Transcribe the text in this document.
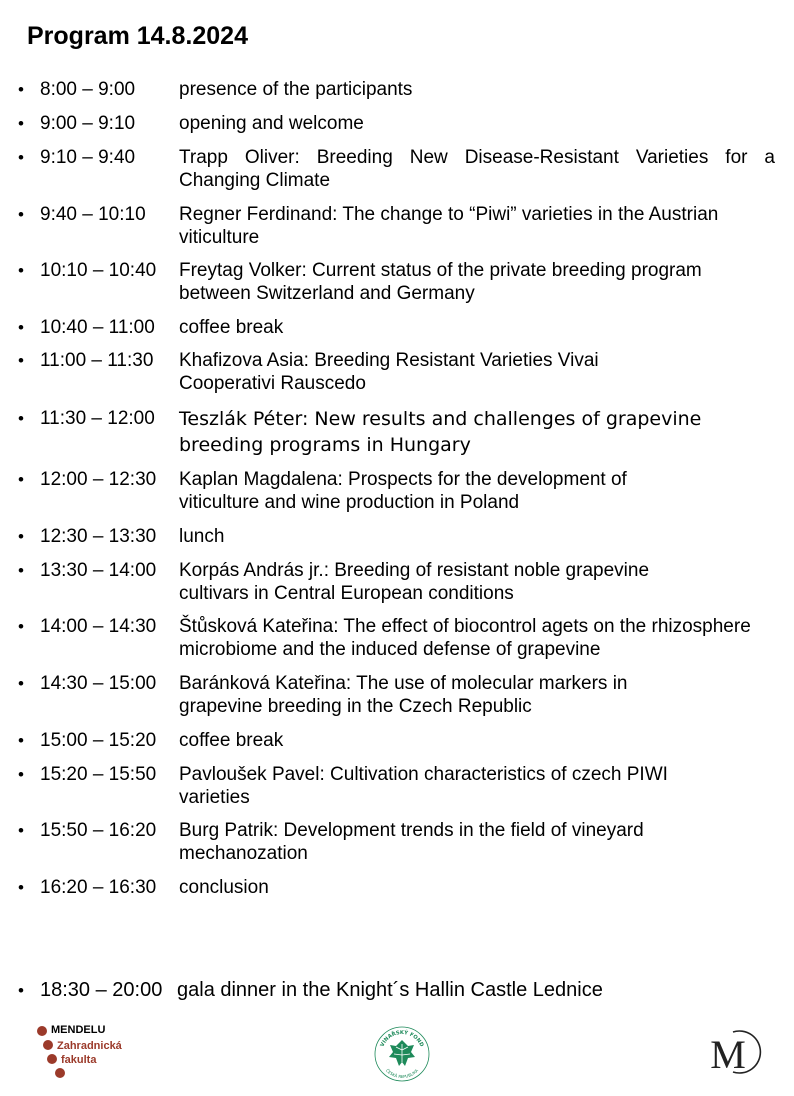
Program 14.8.2024
• 8:00 – 9:00 presence of the participants
• 9:00 – 9:10 opening and welcome
• 9:10 – 9:40 Trapp Oliver: Breeding New Disease-Resistant Varieties for a Changing Climate
• 9:40 – 10:10 Regner Ferdinand: The change to “Piwi” varieties in the Austrian viticulture
• 10:10 – 10:40 Freytag Volker: Current status of the private breeding program between Switzerland and Germany
• 10:40 – 11:00 coffee break
• 11:00 – 11:30 Khafizova Asia: Breeding Resistant Varieties Vivai Cooperativi Rauscedo
• 11:30 – 12:00 Teszlák Péter: New results and challenges of grapevine breeding programs in Hungary
• 12:00 – 12:30 Kaplan Magdalena: Prospects for the development of viticulture and wine production in Poland
• 12:30 – 13:30 lunch
• 13:30 – 14:00 Korpás András jr.: Breeding of resistant noble grapevine cultivars in Central European conditions
• 14:00 – 14:30 Štůsková Kateřina: The effect of biocontrol agets on the rhizosphere microbiome and the induced defense of grapevine
• 14:30 – 15:00 Baránková Kateřina: The use of molecular markers in grapevine breeding in the Czech Republic
• 15:00 – 15:20 coffee break
• 15:20 – 15:50 Pavloušek Pavel: Cultivation characteristics of czech PIWI varieties
• 15:50 – 16:20 Burg Patrik: Development trends in the field of vineyard mechanozation
• 16:20 – 16:30 conclusion
• 18:30 – 20:00 gala dinner in the Knight´s Hallin Castle Lednice
MENDELU
Zahradnická
fakulta
VINAŘSKÝ FOND
ČESKÁ REPUBLIKA	M
